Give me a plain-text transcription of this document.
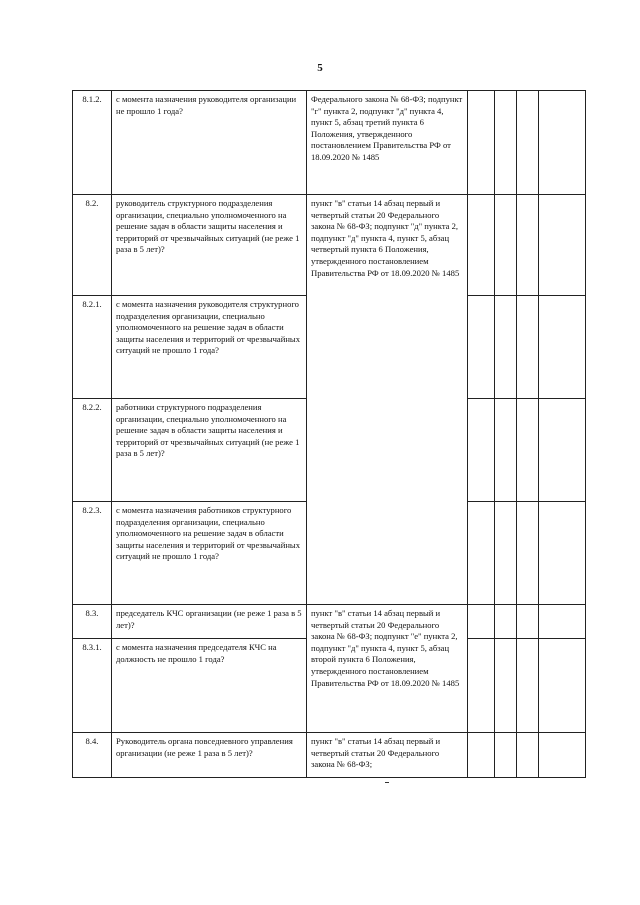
5
8.1.2.	с момента назначения руководителя организации не прошло 1 года?	Федерального закона № 68-ФЗ; подпункт "г" пункта 2, подпункт "д" пункта 4, пункт 5, абзац третий пункта 6 Положения, утвержденного постановлением Правительства РФ от 18.09.2020 № 1485				
8.2.	руководитель структурного подразделения организации, специально уполномоченного на решение задач в области защиты населения и территорий от чрезвычайных ситуаций (не реже 1 раза в 5 лет)?	пункт "в" статьи 14 абзац первый и четвертый статьи 20 Федерального закона № 68-ФЗ; подпункт "д" пункта 2, подпункт "д" пункта 4, пункт 5, абзац четвертый пункта 6 Положения, утвержденного постановлением Правительства РФ от 18.09.2020 № 1485				
8.2.1.	с момента назначения руководителя структурного подразделения организации, специально уполномоченного на решение задач в области защиты населения и территорий от чрезвычайных ситуаций не прошло 1 года?					
8.2.2.	работники структурного подразделения организации, специально уполномоченного на решение задач в области защиты населения и территорий от чрезвычайных ситуаций (не реже 1 раза в 5 лет)?					
8.2.3.	с момента назначения работников структурного подразделения организации, специально уполномоченного на решение задач в области защиты населения и территорий от чрезвычайных ситуаций не прошло 1 года?					
8.3.	председатель КЧС организации (не реже 1 раза в 5 лет)?	пункт "в" статьи 14 абзац первый и четвертый статьи 20 Федерального закона № 68-ФЗ; подпункт "е" пункта 2, подпункт "д" пункта 4, пункт 5, абзац второй пункта 6 Положения, утвержденного постановлением Правительства РФ от 18.09.2020 № 1485				
8.3.1.	с момента назначения председателя КЧС на должность не прошло 1 года?					
8.4.	Руководитель органа повседневного управления организации (не реже 1 раза в 5 лет)?	пункт "в" статьи 14 абзац первый и четвертый статьи 20 Федерального закона № 68-ФЗ;				
